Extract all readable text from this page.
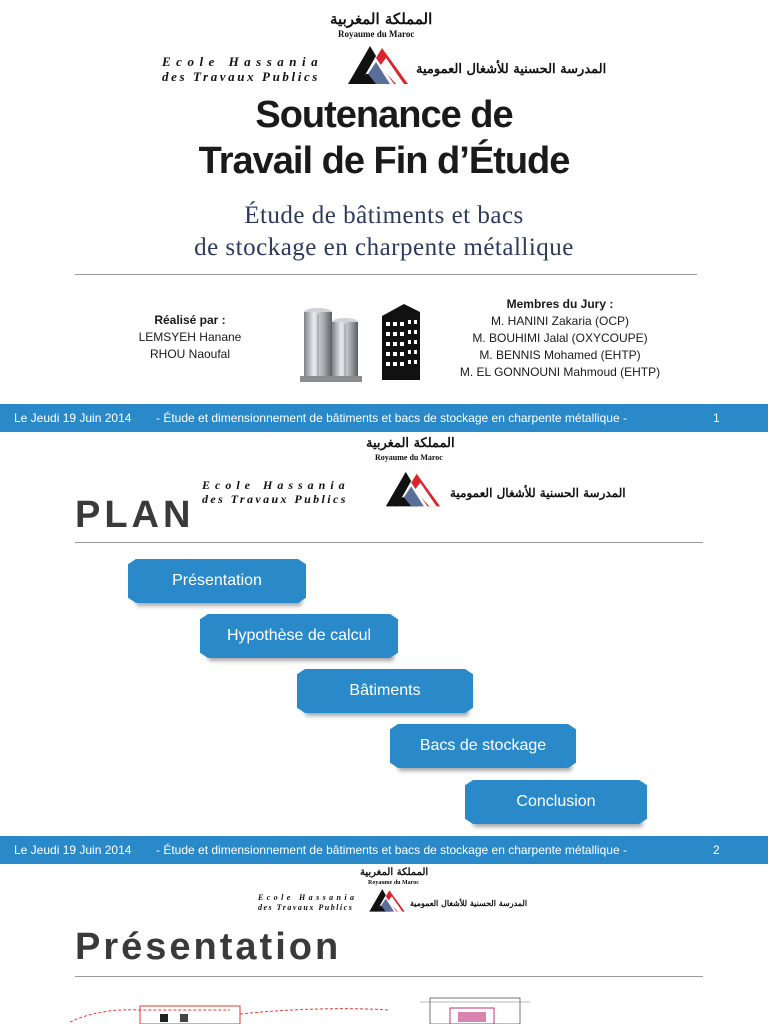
المملكة المغربية
Royaume du Maroc
Ecole Hassania
des Travaux Publics	المدرسة الحسنية للأشغال العمومية
Soutenance de
Travail de Fin d’Étude
Étude de bâtiments et bacs
de stockage en charpente métallique
Réalisé par :
LEMSYEH Hanane
RHOU Naoufal
Membres du Jury :
M. HANINI Zakaria (OCP)
M. BOUHIMI Jalal (OXYCOUPE)
M. BENNIS Mohamed (EHTP)
M. EL GONNOUNI Mahmoud (EHTP)
Le Jeudi 19 Juin 2014 - Étude et dimensionnement de bâtiments et bacs de stockage en charpente métallique -	1
المملكة المغربية
Royaume du Maroc
Ecole Hassania
des Travaux Publics	المدرسة الحسنية للأشغال العمومية
PLAN
Présentation
Hypothèse de calcul
Bâtiments
Bacs de stockage
Conclusion
Le Jeudi 19 Juin 2014 - Étude et dimensionnement de bâtiments et bacs de stockage en charpente métallique -	2
المملكة المغربية
Royaume du Maroc
Ecole Hassania
des Travaux Publics	المدرسة الحسنية للأشغال العمومية
Présentation
